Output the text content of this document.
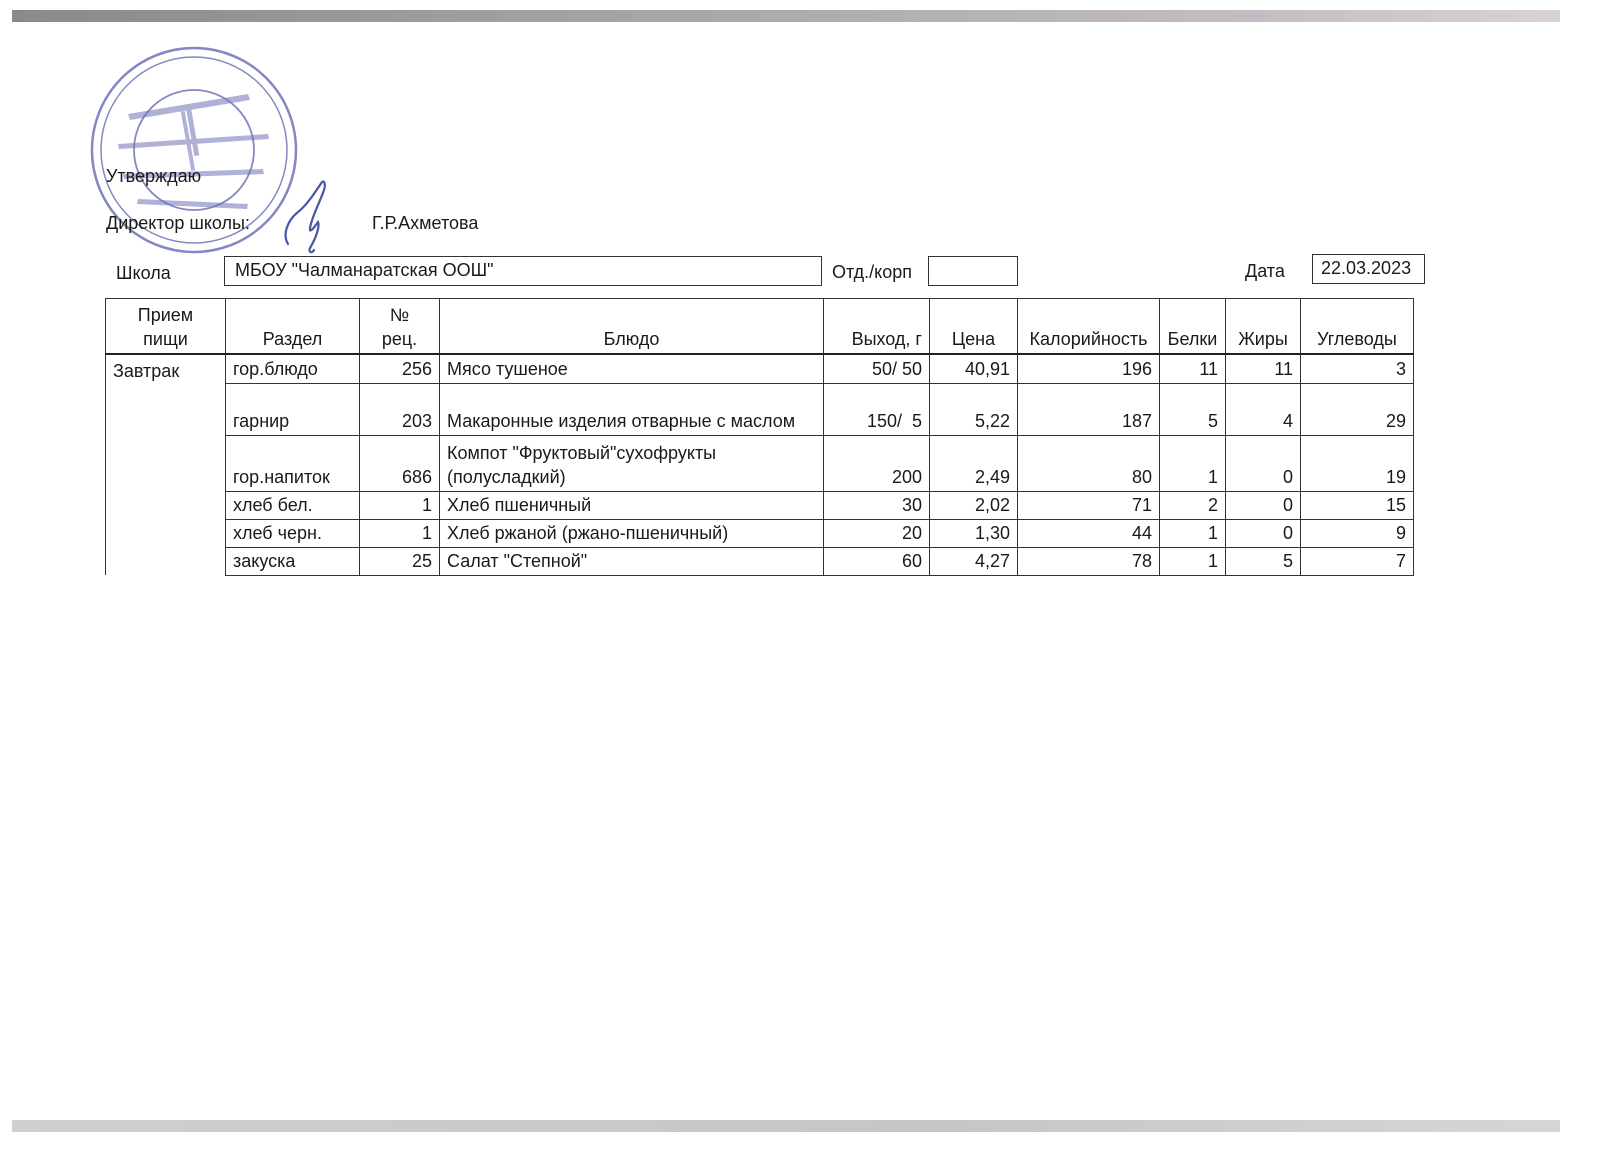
Утверждаю
Директор школы:	Г.Р.Ахметова
Школа	МБОУ "Чалманаратская ООШ"	Отд./корп	Дата	22.03.2023
Прием пищи	Раздел	№ рец.	Блюдо	Выход, г	Цена	Калорийность	Белки	Жиры	Углеводы
Завтрак	гор.блюдо	256	Мясо тушеное	50/ 50	40,91	196	11	11	3
	гарнир	203	Макаронные изделия отварные с маслом	150/  5	5,22	187	5	4	29
	гор.напиток	686	Компот "Фруктовый"сухофрукты (полусладкий)	200	2,49	80	1	0	19
	хлеб бел.	1	Хлеб пшеничный	30	2,02	71	2	0	15
	хлеб черн.	1	Хлеб ржаной (ржано-пшеничный)	20	1,30	44	1	0	9
	закуска	25	Салат "Степной"	60	4,27	78	1	5	7
